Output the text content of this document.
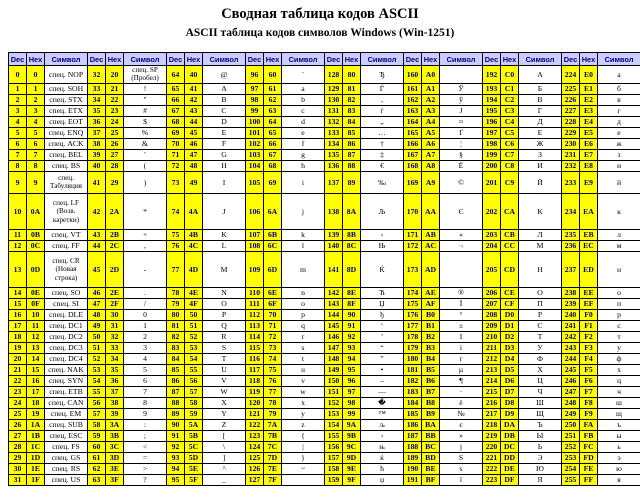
Сводная таблица кодов ASCII
ASCII таблица кодов символов Windows (Win-1251)
Dec	Hex	Символ	Dec	Hex	Символ	Dec	Hex	Символ	Dec	Hex	Символ	Dec	Hex	Символ	Dec	Hex	Символ	Dec	Hex	Символ	Dec	Hex	Символ
0	0	спец. NOP	32	20	спец. SP (Пробел)	64	40	@	96	60	`	128	80	Ђ	160	A0		192	C0	А	224	E0	а
1	1	спец. SOH	33	21	!	65	41	A	97	61	a	129	81	Ѓ	161	A1	Ў	193	C1	Б	225	E1	б
2	2	спец. STX	34	22	"	66	42	B	98	62	b	130	82	‚	162	A2	ў	194	C2	В	226	E2	в
3	3	спец. ETX	35	23	#	67	43	C	99	63	c	131	83	ѓ	163	A3	Ј	195	C3	Г	227	E3	г
4	4	спец. EOT	36	24	$	68	44	D	100	64	d	132	84	„	164	A4	¤	196	C4	Д	228	E4	д
5	5	спец. ENQ	37	25	%	69	45	E	101	65	e	133	85	…	165	A5	Ґ	197	C5	Е	229	E5	е
6	6	спец. ACK	38	26	&	70	46	F	102	66	f	134	86	†	166	A6	¦	198	C6	Ж	230	E6	ж
7	7	спец. BEL	39	27	'	71	47	G	103	67	g	135	87	‡	167	A7	§	199	C7	З	231	E7	з
8	8	спец. BS	40	28	(	72	48	H	104	68	h	136	88	€	168	A8	Ё	200	C8	И	232	E8	и
9	9	спец. Табуляция	41	29	)	73	49	I	105	69	i	137	89	‰	169	A9	©	201	C9	Й	233	E9	й
10	0A	спец. LF (Возв. каретки)	42	2A	*	74	4A	J	106	6A	j	138	8A	Љ	170	AA	Є	202	CA	К	234	EA	к
11	0B	спец. VT	43	2B	+	75	4B	K	107	6B	k	139	8B	‹	171	AB	«	203	CB	Л	235	EB	л
12	0C	спец. FF	44	2C	,	76	4C	L	108	6C	l	140	8C	Њ	172	AC	¬	204	CC	М	236	EC	м
13	0D	спец. CR (Новая строка)	45	2D	-	77	4D	M	109	6D	m	141	8D	Ќ	173	AD		205	CD	Н	237	ED	н
14	0E	спец. SO	46	2E	.	78	4E	N	110	6E	n	142	8E	Ћ	174	AE	®	206	CE	О	238	EE	о
15	0F	спец. SI	47	2F	/	79	4F	O	111	6F	o	143	8F	Џ	175	AF	Ї	207	CF	П	239	EF	п
16	10	спец. DLE	48	30	0	80	50	P	112	70	p	144	90	ђ	176	B0	°	208	D0	Р	240	F0	р
17	11	спец. DC1	49	31	1	81	51	Q	113	71	q	145	91	‘	177	B1	±	209	D1	С	241	F1	с
18	12	спец. DC2	50	32	2	82	52	R	114	72	r	146	92	’	178	B2	І	210	D2	Т	242	F2	т
19	13	спец. DC3	51	33	3	83	53	S	115	73	s	147	93	“	179	B3	і	211	D3	У	243	F3	у
20	14	спец. DC4	52	34	4	84	54	T	116	74	t	148	94	”	180	B4	ґ	212	D4	Ф	244	F4	ф
21	15	спец. NAK	53	35	5	85	55	U	117	75	u	149	95	•	181	B5	µ	213	D5	Х	245	F5	х
22	16	спец. SYN	54	36	6	86	56	V	118	76	v	150	96	–	182	B6	¶	214	D6	Ц	246	F6	ц
23	17	спец. ETB	55	37	7	87	57	W	119	77	w	151	97	—	183	B7	·	215	D7	Ч	247	F7	ч
24	18	спец. CAN	56	38	8	88	58	X	120	78	x	152	98	�	184	B8	ё	216	D8	Ш	248	F8	ш
25	19	спец. EM	57	39	9	89	59	Y	121	79	y	153	99	™	185	B9	№	217	D9	Щ	249	F9	щ
26	1A	спец. SUB	58	3A	:	90	5A	Z	122	7A	z	154	9A	љ	186	BA	є	218	DA	Ъ	250	FA	ъ
27	1B	спец. ESC	59	3B	;	91	5B	[	123	7B	{	155	9B	›	187	BB	»	219	DB	Ы	251	FB	ы
28	1C	спец. FS	60	3C	<	92	5C	\	124	7C	|	156	9C	њ	188	BC	ј	220	DC	Ь	252	FC	ь
29	1D	спец. GS	61	3D	=	93	5D	]	125	7D	}	157	9D	ќ	189	BD	Ѕ	221	DD	Э	253	FD	э
30	1E	спец. RS	62	3E	>	94	5E	^	126	7E	~	158	9E	ћ	190	BE	ѕ	222	DE	Ю	254	FE	ю
31	1F	спец. US	63	3F	?	95	5F	_	127	7F		159	9F	џ	191	BF	ї	223	DF	Я	255	FF	я
